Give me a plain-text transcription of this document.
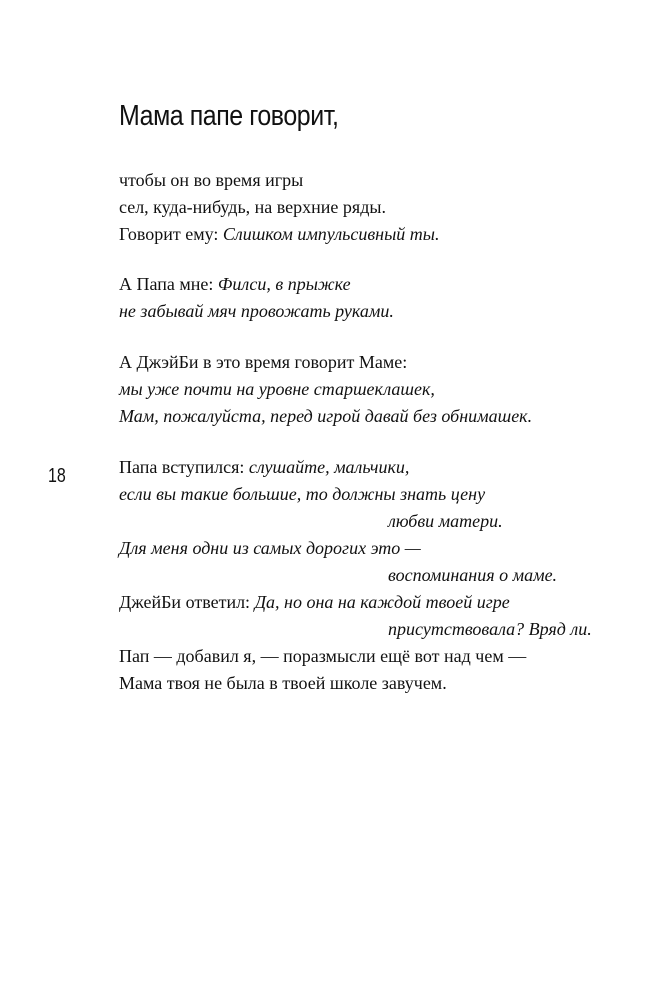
Мама папе говорит,
18
чтобы он во время игры
сел, куда-нибудь, на верхние ряды.
Говорит ему: Слишком импульсивный ты.
А Папа мне: Филси, в прыжке
не забывай мяч провожать руками.
А ДжэйБи в это время говорит Маме:
мы уже почти на уровне старшеклашек,
Мам, пожалуйста, перед игрой давай без обнимашек.
Папа вступился: слушайте, мальчики,
если вы такие большие, то должны знать цену
любви матери.
Для меня одни из самых дорогих это —
воспоминания о маме.
ДжейБи ответил: Да, но она на каждой твоей игре
присутствовала? Вряд ли.
Пап — добавил я, — поразмысли ещё вот над чем —
Мама твоя не была в твоей школе завучем.
